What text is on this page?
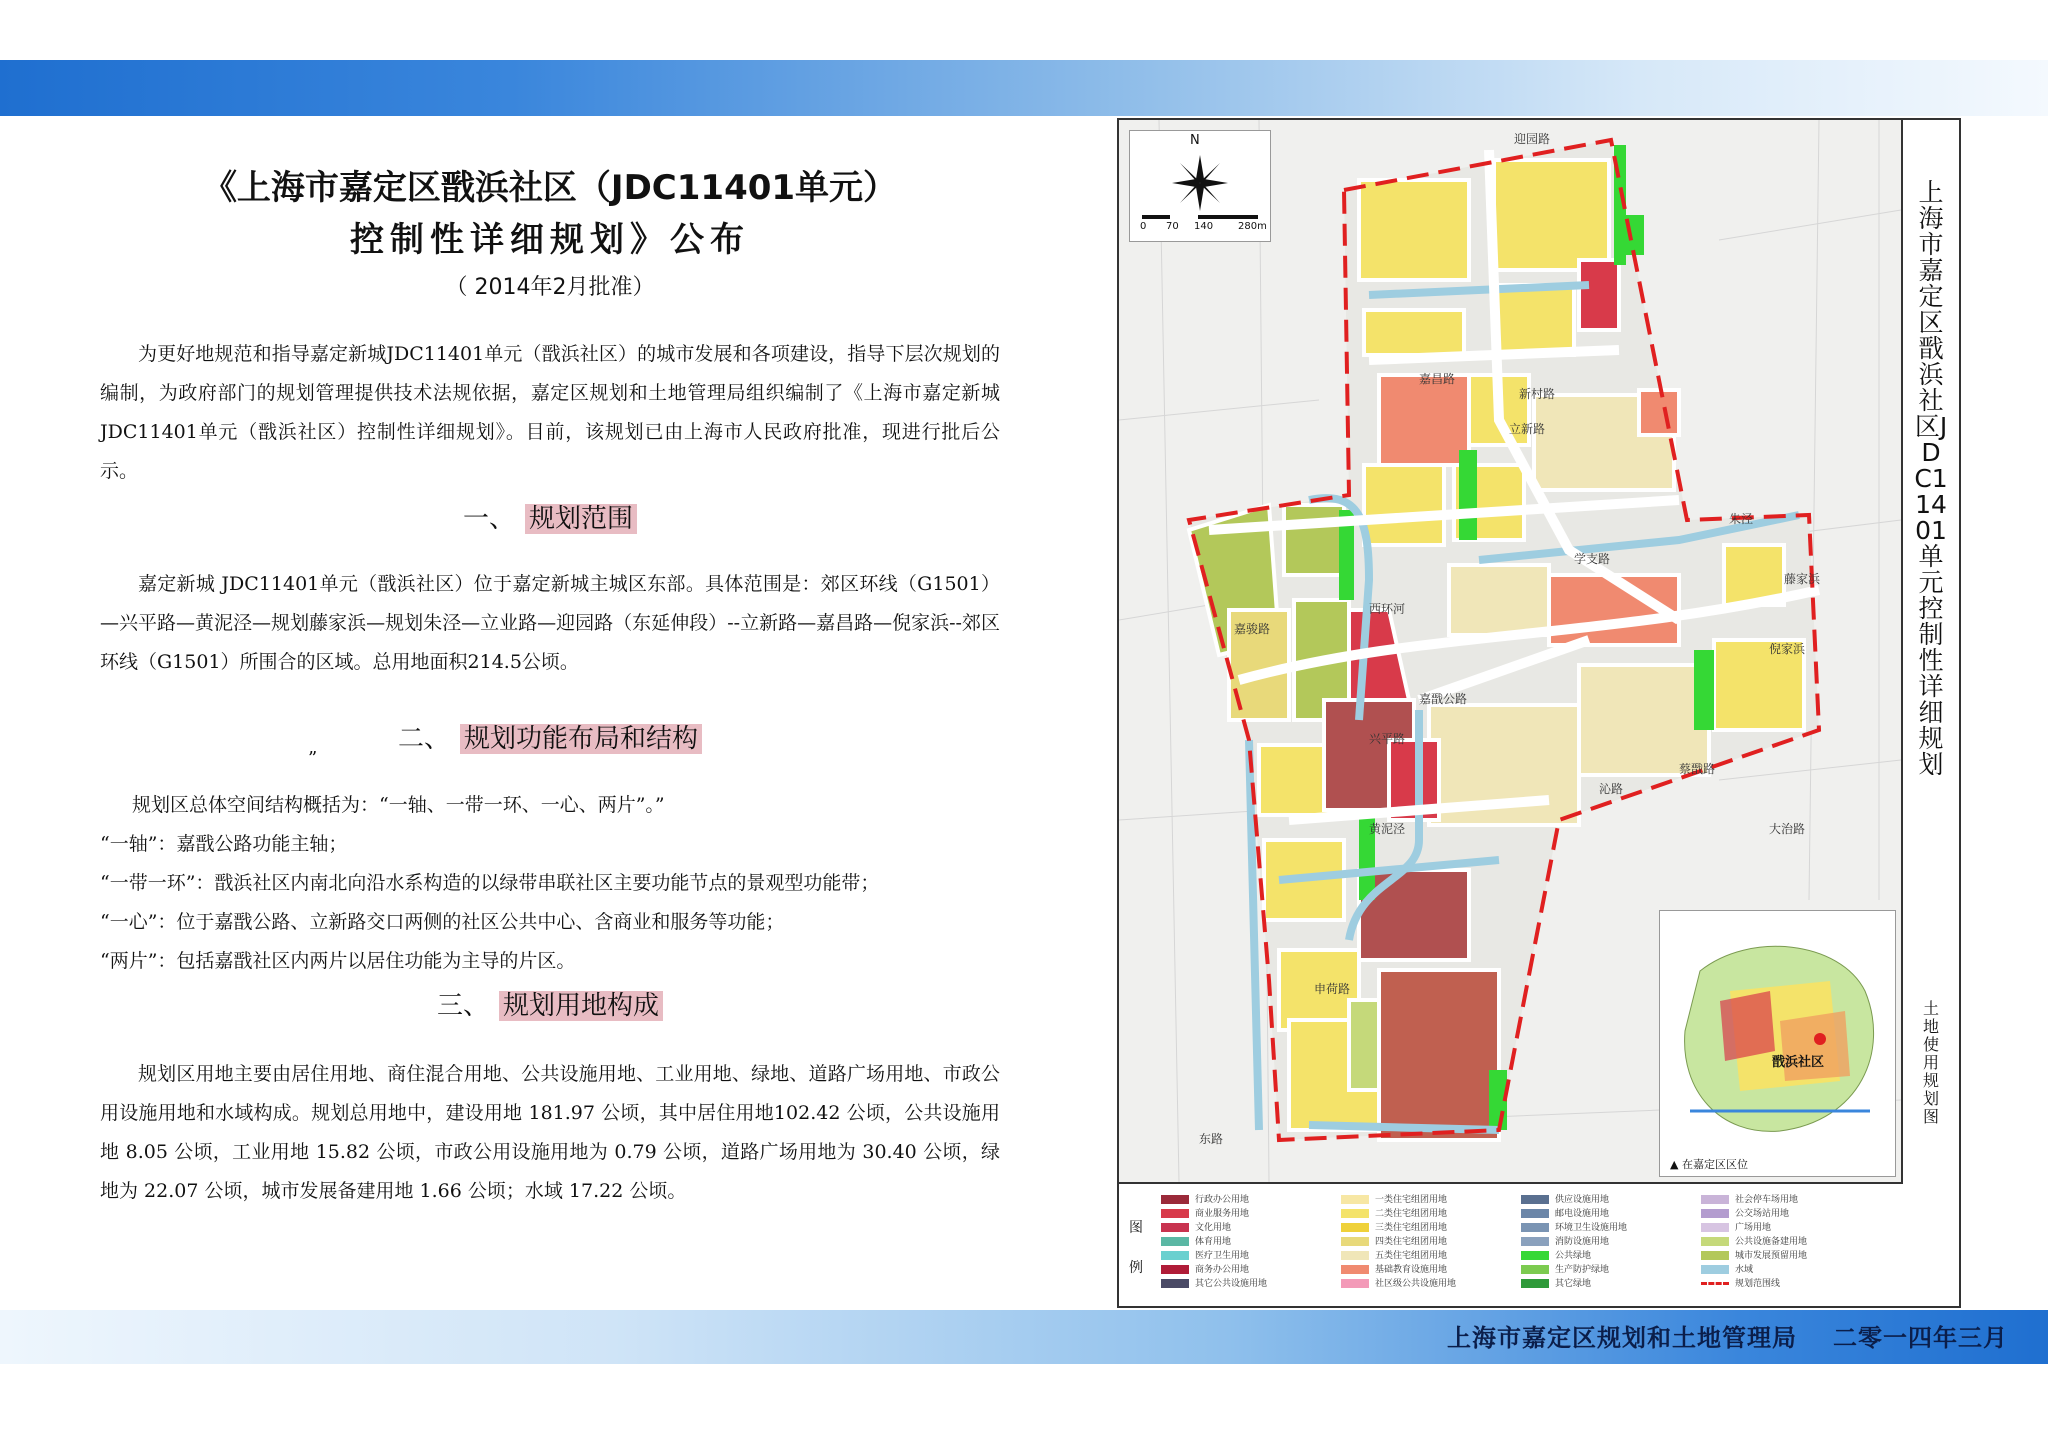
《上海市嘉定区戬浜社区（JDC11401单元）
控制性详细规划》公布
（ 2014年2月批准）

为更好地规范和指导嘉定新城JDC11401单元（戬浜社区）的城市发展和各项建设，指导下层次规划的编制，为政府部门的规划管理提供技术法规依据，嘉定区规划和土地管理局组织编制了《上海市嘉定新城JDC11401单元（戬浜社区）控制性详细规划》。目前，该规划已由上海市人民政府批准，现进行批后公示。

一、 规划范围

嘉定新城 JDC11401单元（戬浜社区）位于嘉定新城主城区东部。具体范围是：郊区环线（G1501）—兴平路—黄泥泾—规划藤家浜—规划朱泾—立业路—迎园路（东延伸段）--立新路—嘉昌路—倪家浜--郊区环线（G1501）所围合的区域。总用地面积214.5公顷。

二、 规划功能布局和结构
”

规划区总体空间结构概括为：“一轴、一带一环、一心、两片”。”

“一轴”：嘉戬公路功能主轴；

“一带一环”：戬浜社区内南北向沿水系构造的以绿带串联社区主要功能节点的景观型功能带；

“一心”：位于嘉戬公路、立新路交口两侧的社区公共中心、含商业和服务等功能；

“两片”：包括嘉戬社区内两片以居住功能为主导的片区。

三、 规划用地构成

规划区用地主要由居住用地、商住混合用地、公共设施用地、工业用地、绿地、道路广场用地、市政公用设施用地和水域构成。规划总用地中，建设用地 181.97 公顷，其中居住用地102.42 公顷，公共设施用地 8.05 公顷，工业用地 15.82 公顷，市政公用设施用地为 0.79 公顷，道路广场用地为 30.40 公顷，绿地为 22.07 公顷，城市发展备建用地 1.66 公顷；水域 17.22 公顷。

N
0 70 140 280m
迎园路
嘉昌路
立新路
嘉戬公路
兴平路
黄泥泾
嘉骏路
西环河
学支路
朱泾
藤家浜
倪家浜
新村路
东路
沁路
大治路
申荷路
蔡戬路
戬浜社区
▲ 在嘉定区区位
上海市嘉定区戬浜社区JDC11401单元控制性详细规划
土地使用规划图
图例
行政办公用地
商业服务用地
文化用地
体育用地
医疗卫生用地
商务办公用地
其它公共设施用地
一类住宅组团用地
二类住宅组团用地
三类住宅组团用地
四类住宅组团用地
五类住宅组团用地
基础教育设施用地
社区级公共设施用地
供应设施用地
邮电设施用地
环境卫生设施用地
消防设施用地
公共绿地
生产防护绿地
其它绿地
社会停车场用地
公交场站用地
广场用地
公共设施备建用地
城市发展预留用地
水域
规划范围线
上海市嘉定区规划和土地管理局 二零一四年三月
